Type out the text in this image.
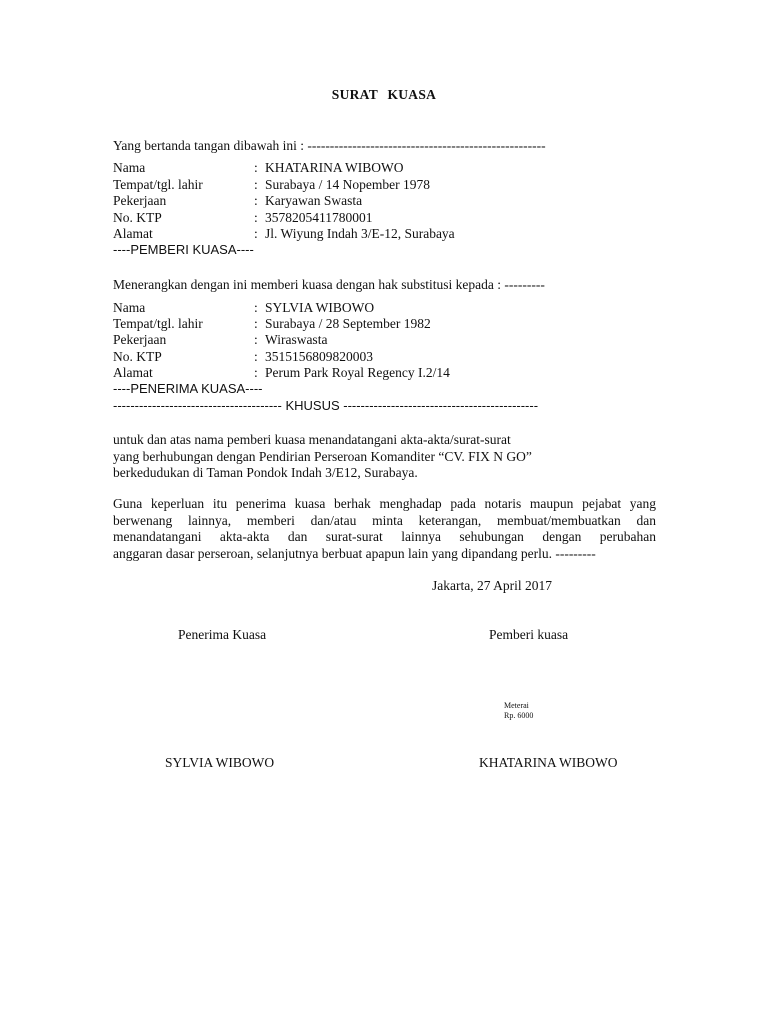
SURAT KUASA
Yang bertanda tangan dibawah ini : -----------------------------------------------------
Nama	: KHATARINA WIBOWO
Tempat/tgl. lahir	: Surabaya / 14 Nopember 1978
Pekerjaan	: Karyawan Swasta
No. KTP	: 3578205411780001
Alamat	: Jl. Wiyung Indah 3/E-12, Surabaya
----PEMBERI KUASA----
Menerangkan dengan ini memberi kuasa dengan hak substitusi kepada : ---------
Nama	: SYLVIA WIBOWO
Tempat/tgl. lahir	: Surabaya / 28 September 1982
Pekerjaan	: Wiraswasta
No. KTP	: 3515156809820003
Alamat	: Perum Park Royal Regency I.2/14
----PENERIMA KUASA----
--------------------------------------- KHUSUS ---------------------------------------------
untuk dan atas nama pemberi kuasa menandatangani akta-akta/surat-surat
yang berhubungan dengan Pendirian Perseroan Komanditer “CV. FIX N GO”
berkedudukan di Taman Pondok Indah 3/E12, Surabaya.
Guna keperluan itu penerima kuasa berhak menghadap pada notaris maupun pejabat yang
berwenang lainnya, memberi dan/atau minta keterangan, membuat/membuatkan dan
menandatangani akta-akta dan surat-surat lainnya sehubungan dengan perubahan
anggaran dasar perseroan, selanjutnya berbuat apapun lain yang dipandang perlu. ---------
Jakarta, 27 April 2017
Penerima Kuasa	Pemberi kuasa
Meterai
Rp. 6000
SYLVIA WIBOWO	KHATARINA WIBOWO
